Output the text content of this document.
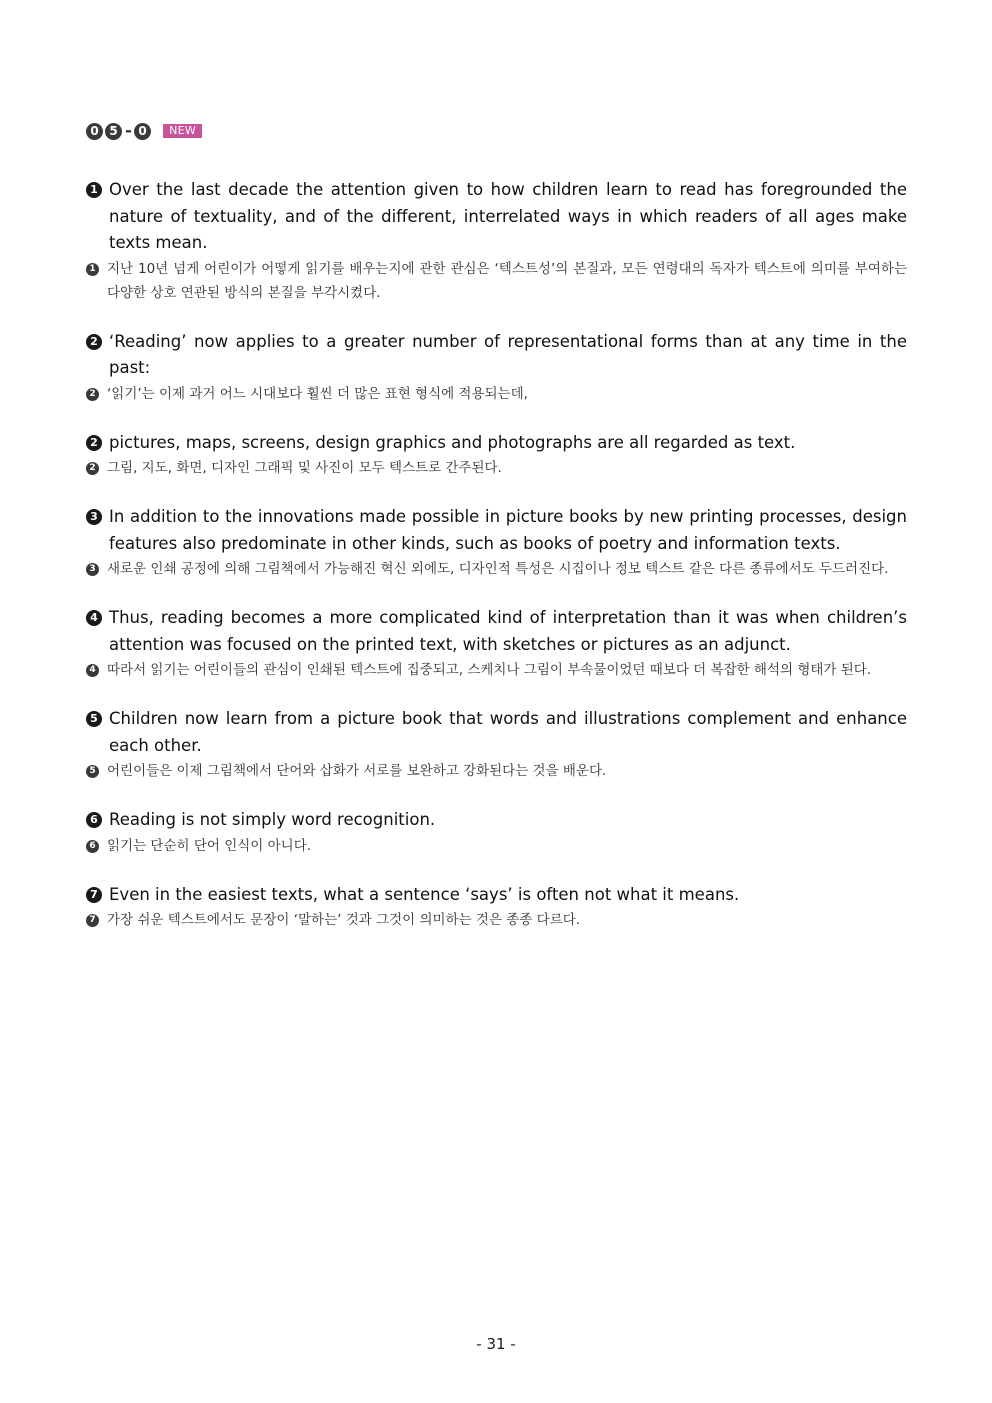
0 5 - 0	NEW
1 Over the last decade the attention given to how children learn to read has foregrounded the nature of textuality, and of the different, interrelated ways in which readers of all ages make texts mean.
1 지난 10년 넘게 어린이가 어떻게 읽기를 배우는지에 관한 관심은 ‘텍스트성’의 본질과, 모든 연령대의 독자가 텍스트에 의미를 부여하는 다양한 상호 연관된 방식의 본질을 부각시켰다.
2 ‘Reading’ now applies to a greater number of representational forms than at any time in the past:
2 ‘읽기’는 이제 과거 어느 시대보다 훨씬 더 많은 표현 형식에 적용되는데,
2 pictures, maps, screens, design graphics and photographs are all regarded as text.
2 그림, 지도, 화면, 디자인 그래픽 및 사진이 모두 텍스트로 간주된다.
3 In addition to the innovations made possible in picture books by new printing processes, design features also predominate in other kinds, such as books of poetry and information texts.
3 새로운 인쇄 공정에 의해 그림책에서 가능해진 혁신 외에도, 디자인적 특성은 시집이나 정보 텍스트 같은 다른 종류에서도 두드러진다.
4 Thus, reading becomes a more complicated kind of interpretation than it was when children’s attention was focused on the printed text, with sketches or pictures as an adjunct.
4 따라서 읽기는 어린이들의 관심이 인쇄된 텍스트에 집중되고, 스케치나 그림이 부속물이었던 때보다 더 복잡한 해석의 형태가 된다.
5 Children now learn from a picture book that words and illustrations complement and enhance each other.
5 어린이들은 이제 그림책에서 단어와 삽화가 서로를 보완하고 강화된다는 것을 배운다.
6 Reading is not simply word recognition.
6 읽기는 단순히 단어 인식이 아니다.
7 Even in the easiest texts, what a sentence ‘says’ is often not what it means.
7 가장 쉬운 텍스트에서도 문장이 ‘말하는’ 것과 그것이 의미하는 것은 종종 다르다.
- 31 -
